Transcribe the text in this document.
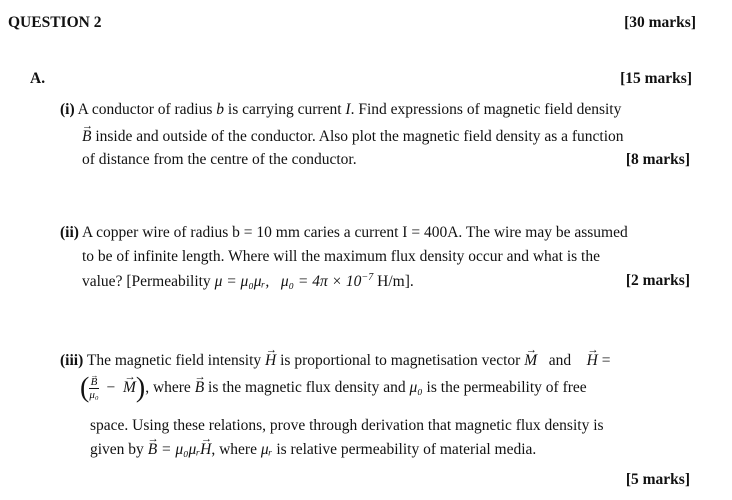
QUESTION 2	[30 marks]
A.	[15 marks]
(i) A conductor of radius b is carrying current I. Find expressions of magnetic field density
→ B inside and outside of the conductor. Also plot the magnetic field density as a function
of distance from the centre of the conductor.	[8 marks]
(ii) A copper wire of radius b = 10 mm caries a current I = 400A. The wire may be assumed
to be of infinite length. Where will the maximum flux density occur and what is the
value? [Permeability μ = μ₀μᵣ, $\mu_0 = 4\pi \times 10^{-7}$ H/m].	[2 marks]
(iii) The magnetic field intensity → H is proportional to magnetisation vector → M and → H =
( → $\frac{B}{\text{μ₀}}$ − → M), where → B is the magnetic flux density and μ₀ is the permeability of free
space. Using these relations, prove through derivation that magnetic flux density is
given by → B = μ₀μᵣ→ H, where μᵣ is relative permeability of material media.
[5 marks]
